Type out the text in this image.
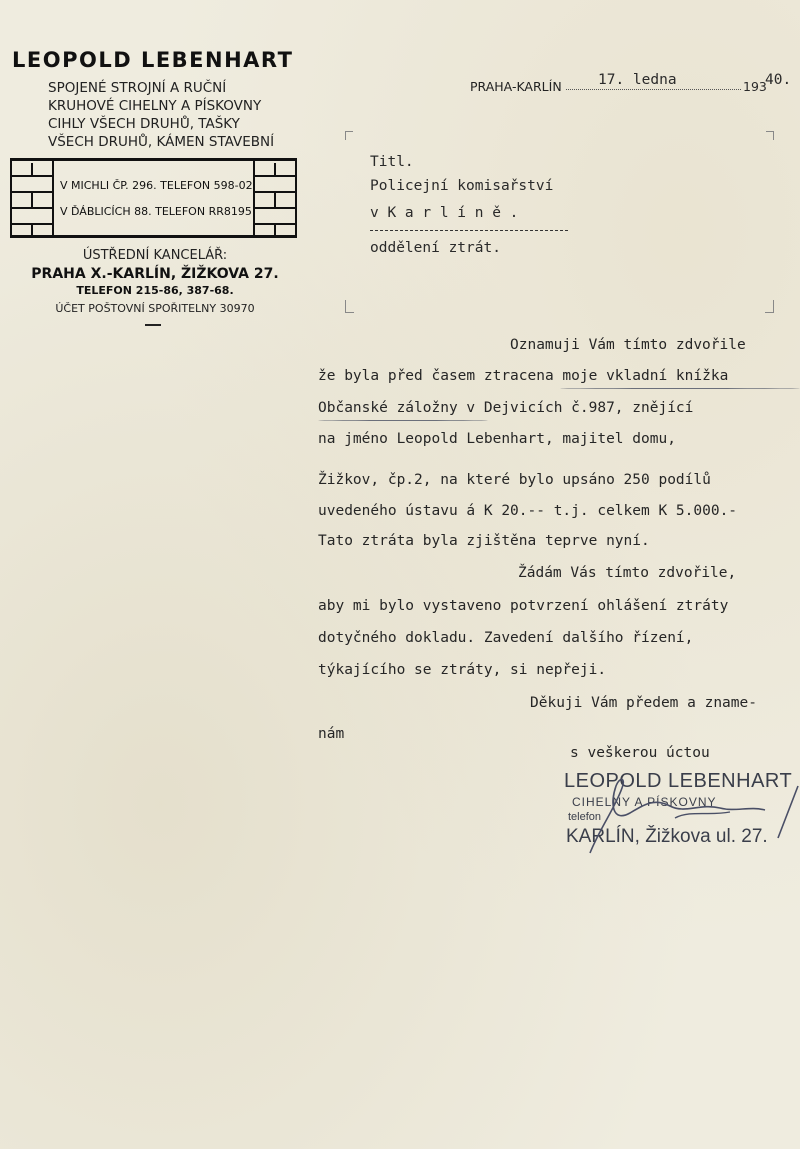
LEOPOLD LEBENHART
SPOJENÉ STROJNÍ A RUČNÍ
KRUHOVÉ CIHELNY A PÍSKOVNY
CIHLY VŠECH DRUHŮ, TAŠKY
VŠECH DRUHŮ, KÁMEN STAVEBNÍ
V MICHLI ČP. 296. TELEFON 598-02
V ĎÁBLICÍCH 88. TELEFON RR8195
ÚSTŘEDNÍ KANCELÁŘ:
PRAHA X.-KARLÍN, ŽIŽKOVA 27.
TELEFON 215-86, 387-68.
ÚČET POŠTOVNÍ SPOŘITELNY 30970
PRAHA-KARLÍN	17. ledna	193
40.
Titl.
Policejní komisařství
v K a r l í n ě .
oddělení ztrát.
Oznamuji Vám tímto zdvořile
že byla před časem ztracena moje vkladní knížka
Občanské záložny v Dejvicích č.987, znějící
na jméno Leopold Lebenhart, majitel domu,
Žižkov, čp.2, na které bylo upsáno 250 podílů
uvedeného ústavu á K 20.-- t.j. celkem K 5.000.-
Tato ztráta byla zjištěna teprve nyní.
Žádám Vás tímto zdvořile,
aby mi bylo vystaveno potvrzení ohlášení ztráty
dotyčného dokladu. Zavedení dalšího řízení,
týkajícího se ztráty, si nepřeji.
Děkuji Vám předem a zname-
nám
s veškerou úctou
LEOPOLD LEBENHART
CIHELNY A PÍSKOVNY
telefon
KARLÍN, Žižkova ul. 27.
